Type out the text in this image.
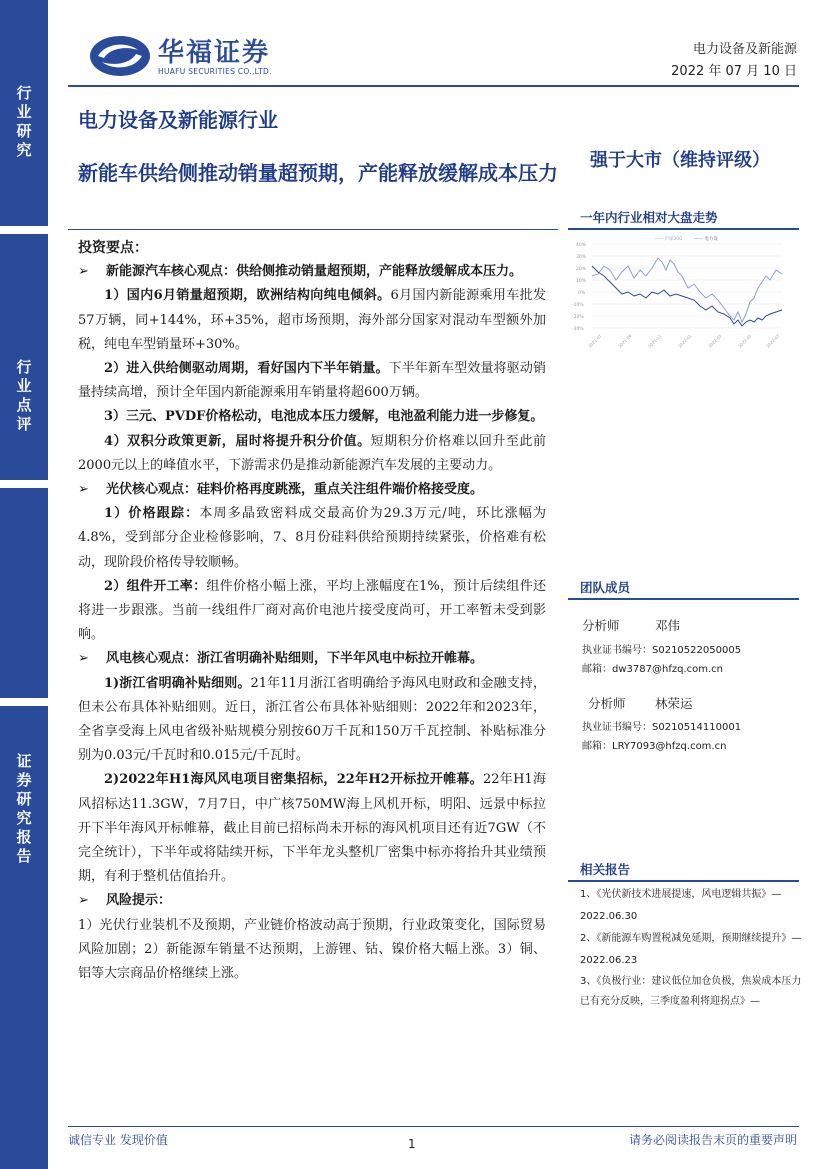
行
业
研
究
行
业
点
评
证
券
研
究
报
告
华福证券
HUAFU SECURITIES CO.,LTD.
电力设备及新能源
2022 年 07 月 10 日
电力设备及新能源行业
新能车供给侧推动销量超预期，产能释放缓解成本压力
强于大市（维持评级）

投资要点：

➢ 新能源汽车核心观点：供给侧推动销量超预期，产能释放缓解成本压力。

1）国内6月销量超预期，欧洲结构向纯电倾斜。6月国内新能源乘用车批发57万辆，同+144%，环+35%，超市场预期，海外部分国家对混动车型额外加税，纯电车型销量环+30%。

2）进入供给侧驱动周期，看好国内下半年销量。下半年新车型效量将驱动销量持续高增，预计全年国内新能源乘用车销量将超600万辆。

3）三元、PVDF价格松动，电池成本压力缓解，电池盈利能力进一步修复。

4）双积分政策更新，届时将提升积分价值。短期积分价格难以回升至此前2000元以上的峰值水平，下游需求仍是推动新能源汽车发展的主要动力。

➢ 光伏核心观点：硅料价格再度跳涨，重点关注组件端价格接受度。

1）价格跟踪：本周多晶致密料成交最高价为29.3万元/吨，环比涨幅为4.8%，受到部分企业检修影响，7、8月份硅料供给预期持续紧张，价格难有松动，现阶段价格传导较顺畅。

2）组件开工率：组件价格小幅上涨，平均上涨幅度在1%，预计后续组件还将进一步跟涨。当前一线组件厂商对高价电池片接受度尚可，开工率暂未受到影响。

➢ 风电核心观点：浙江省明确补贴细则，下半年风电中标拉开帷幕。

1)浙江省明确补贴细则。21年11月浙江省明确给予海风电财政和金融支持，但未公布具体补贴细则。近日，浙江省公布具体补贴细则：2022年和2023年，全省享受海上风电省级补贴规模分别按60万千瓦和150万千瓦控制、补贴标准分别为0.03元/千瓦时和0.015元/千瓦时。

2)2022年H1海风风电项目密集招标，22年H2开标拉开帷幕。22年H1海风招标达11.3GW，7月7日，中广核750MW海上风机开标，明阳、远景中标拉开下半年海风开标帷幕，截止目前已招标尚未开标的海风机项目还有近7GW（不完全统计），下半年或将陆续开标，下半年龙头整机厂密集中标亦将抬升其业绩预期，有利于整机估值抬升。

➢ 风险提示：

1）光伏行业装机不及预期，产业链价格波动高于预期，行业政策变化，国际贸易风险加剧；2）新能源车销量不达预期，上游锂、钴、镍价格大幅上涨。3）铜、铝等大宗商品价格继续上涨。

一年内行业相对大盘走势
40%
30%
20%
10%
0%
-10%
-20%
-30%
—— 沪深300	—— 电力设
2021-07	2021-09	2021-11	2022-01	2022-03	2022-05	2022-07
团队成员
分析师	邓伟
执业证书编号：S0210522050005
邮箱：dw3787@hfzq.com.cn
分析师 林荣运
执业证书编号：S0210514110001
邮箱：LRY7093@hfzq.com.cn
相关报告
1、《光伏新技术进展提速，风电逻辑共振》—
2022.06.30
2、《新能源车购置税减免延期，预期继续提升》—
2022.06.23
3、《负极行业：建议低位加仓负极，焦炭成本压力已有充分反映，三季度盈利将迎拐点》—
诚信专业 发现价值	1	请务必阅读报告末页的重要声明
